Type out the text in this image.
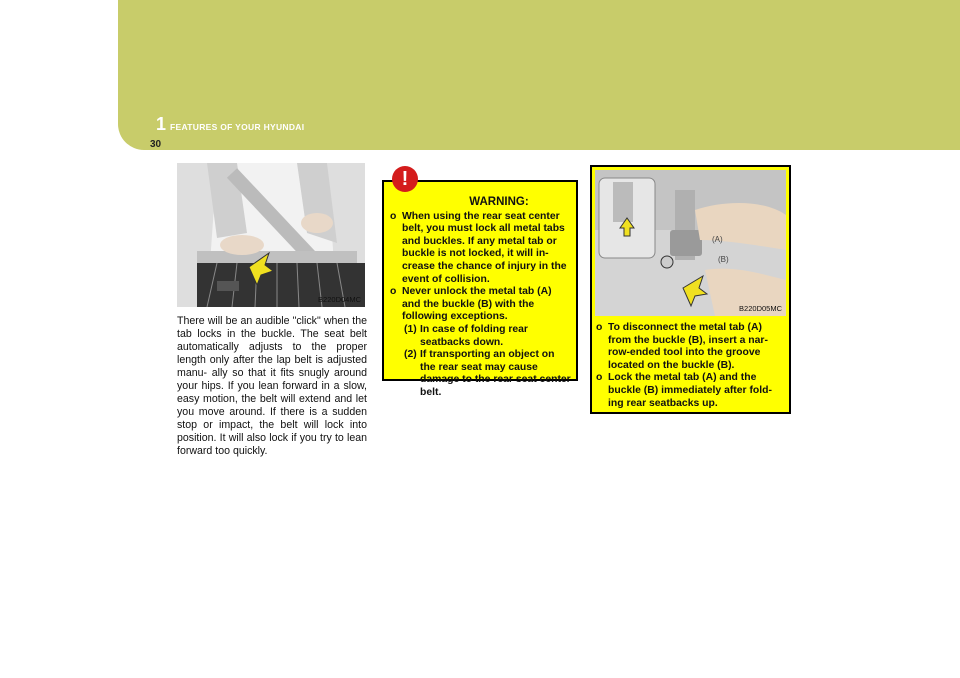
1 FEATURES OF YOUR HYUNDAI
30
B220D04MC
There will be an audible "click" when the tab locks in the buckle. The seat belt automatically adjusts to the proper length only after the lap belt is adjusted manu- ally so that it fits snugly around your hips. If you lean forward in a slow, easy motion, the belt will extend and let you move around. If there is a sudden stop or impact, the belt will lock into position. It will also lock if you try to lean forward too quickly.
WARNING:
o When using the rear seat center belt, you must lock all metal tabs and buckles. If any metal tab or buckle is not locked, it will in- crease the chance of injury in the event of collision.
o Never unlock the metal tab (A) and the buckle (B) with the following exceptions.
(1) In case of folding rear seatbacks down.
(2) If transporting an object on the rear seat may cause damage to the rear seat center belt.
!
(A)
(B)
B220D05MC
o To disconnect the metal tab (A) from the buckle (B), insert a nar- row-ended tool into the groove located on the buckle (B).
o Lock the metal tab (A) and the buckle (B) immediately after fold- ing rear seatbacks up.
